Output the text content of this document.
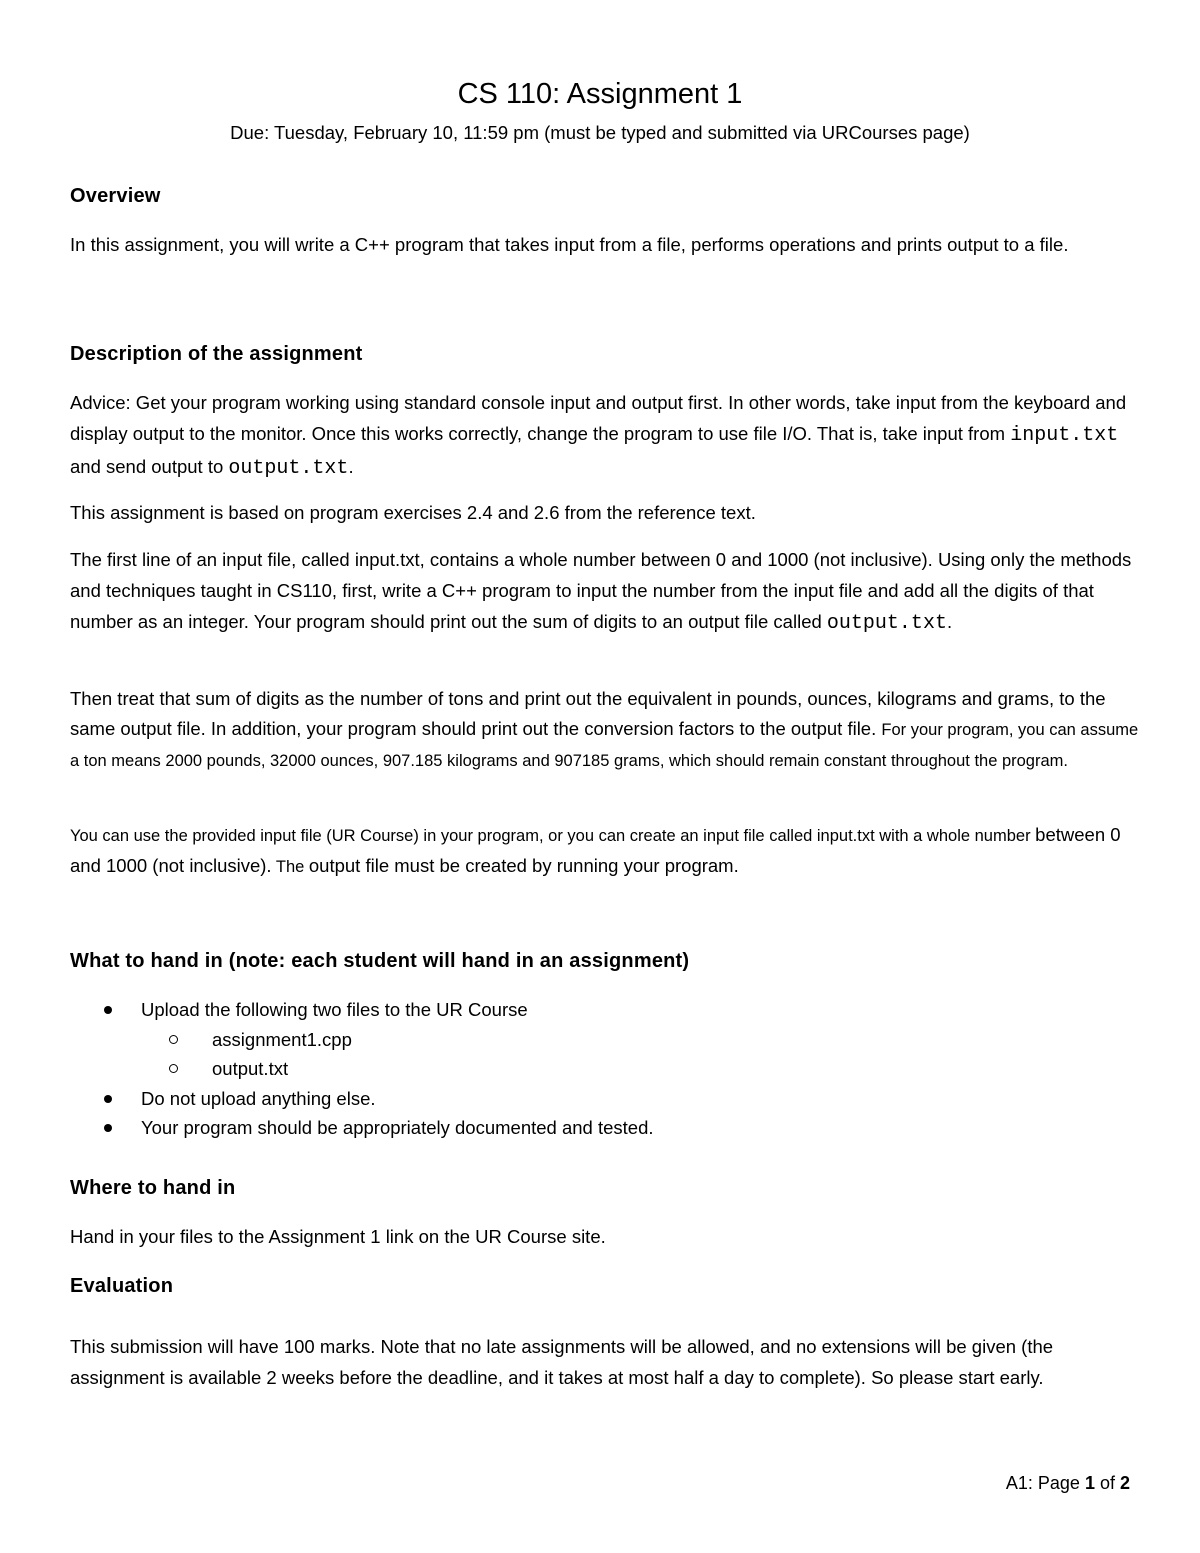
CS 110: Assignment 1
Due: Tuesday, February 10, 11:59 pm (must be typed and submitted via URCourses page)
Overview

In this assignment, you will write a C++ program that takes input from a file, performs operations and prints output to a file.

Description of the assignment

Advice: Get your program working using standard console input and output first. In other words, take input from the keyboard and display output to the monitor. Once this works correctly, change the program to use file I/O. That is, take input from input.txt and send output to output.txt.

This assignment is based on program exercises 2.4 and 2.6 from the reference text.

The first line of an input file, called input.txt, contains a whole number between 0 and 1000 (not inclusive). Using only the methods and techniques taught in CS110, first, write a C++ program to input the number from the input file and add all the digits of that number as an integer. Your program should print out the sum of digits to an output file called output.txt.

Then treat that sum of digits as the number of tons and print out the equivalent in pounds, ounces, kilograms and grams, to the same output file. In addition, your program should print out the conversion factors to the output file. For your program, you can assume a ton means 2000 pounds, 32000 ounces, 907.185 kilograms and 907185 grams, which should remain constant throughout the program.

You can use the provided input file (UR Course) in your program, or you can create an input file called input.txt with a whole number between 0 and 1000 (not inclusive). The output file must be created by running your program.

What to hand in (note: each student will hand in an assignment)
Upload the following two files to the UR Course
assignment1.cpp
output.txt
Do not upload anything else.
Your program should be appropriately documented and tested.
Where to hand in

Hand in your files to the Assignment 1 link on the UR Course site.

Evaluation

This submission will have 100 marks. Note that no late assignments will be allowed, and no extensions will be given (the assignment is available 2 weeks before the deadline, and it takes at most half a day to complete). So please start early.

A1: Page 1 of 2
